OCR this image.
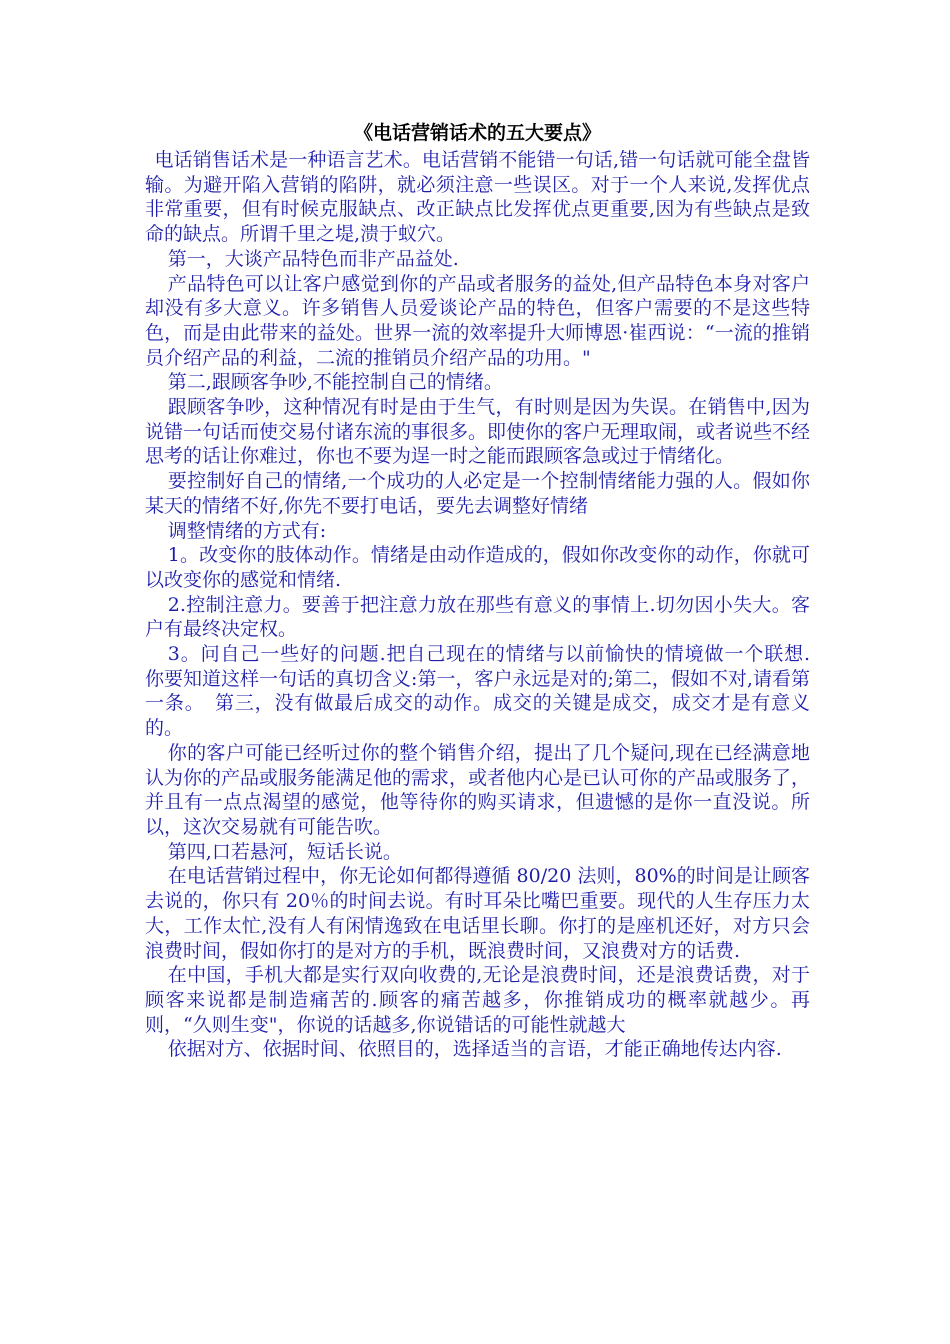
《电话营销话术的五大要点》

电话销售话术是一种语言艺术。电话营销不能错一句话,错一句话就可能全盘皆输。为避开陷入营销的陷阱，就必须注意一些误区。对于一个人来说,发挥优点非常重要，但有时候克服缺点、改正缺点比发挥优点更重要,因为有些缺点是致命的缺点。所谓千里之堤,溃于蚁穴。

第一，大谈产品特色而非产品益处.

产品特色可以让客户感觉到你的产品或者服务的益处,但产品特色本身对客户却没有多大意义。许多销售人员爱谈论产品的特色，但客户需要的不是这些特色，而是由此带来的益处。世界一流的效率提升大师博恩·崔西说：“一流的推销员介绍产品的利益，二流的推销员介绍产品的功用。"

第二,跟顾客争吵,不能控制自己的情绪。

跟顾客争吵，这种情况有时是由于生气，有时则是因为失误。在销售中,因为说错一句话而使交易付诸东流的事很多。即使你的客户无理取闹，或者说些不经思考的话让你难过，你也不要为逞一时之能而跟顾客急或过于情绪化。

要控制好自己的情绪,一个成功的人必定是一个控制情绪能力强的人。假如你某天的情绪不好,你先不要打电话，要先去调整好情绪

调整情绪的方式有:

1。改变你的肢体动作。情绪是由动作造成的，假如你改变你的动作，你就可以改变你的感觉和情绪.

2.控制注意力。要善于把注意力放在那些有意义的事情上.切勿因小失大。客户有最终决定权。

3。问自己一些好的问题.把自己现在的情绪与以前愉快的情境做一个联想.　你要知道这样一句话的真切含义:第一，客户永远是对的;第二，假如不对,请看第一条。　第三，没有做最后成交的动作。成交的关键是成交，成交才是有意义的。

你的客户可能已经听过你的整个销售介绍，提出了几个疑问,现在已经满意地认为你的产品或服务能满足他的需求，或者他内心是已认可你的产品或服务了，并且有一点点渴望的感觉，他等待你的购买请求，但遗憾的是你一直没说。所以，这次交易就有可能告吹。

第四,口若悬河，短话长说。

在电话营销过程中，你无论如何都得遵循 80/20 法则，80%的时间是让顾客去说的，你只有 20％的时间去说。有时耳朵比嘴巴重要。现代的人生存压力太大，工作太忙,没有人有闲情逸致在电话里长聊。你打的是座机还好，对方只会浪费时间，假如你打的是对方的手机，既浪费时间，又浪费对方的话费.

在中国，手机大都是实行双向收费的,无论是浪费时间，还是浪费话费，对于顾客来说都是制造痛苦的.顾客的痛苦越多，你推销成功的概率就越少。再则，“久则生变"，你说的话越多,你说错话的可能性就越大

依据对方、依据时间、依照目的，选择适当的言语，才能正确地传达内容.
